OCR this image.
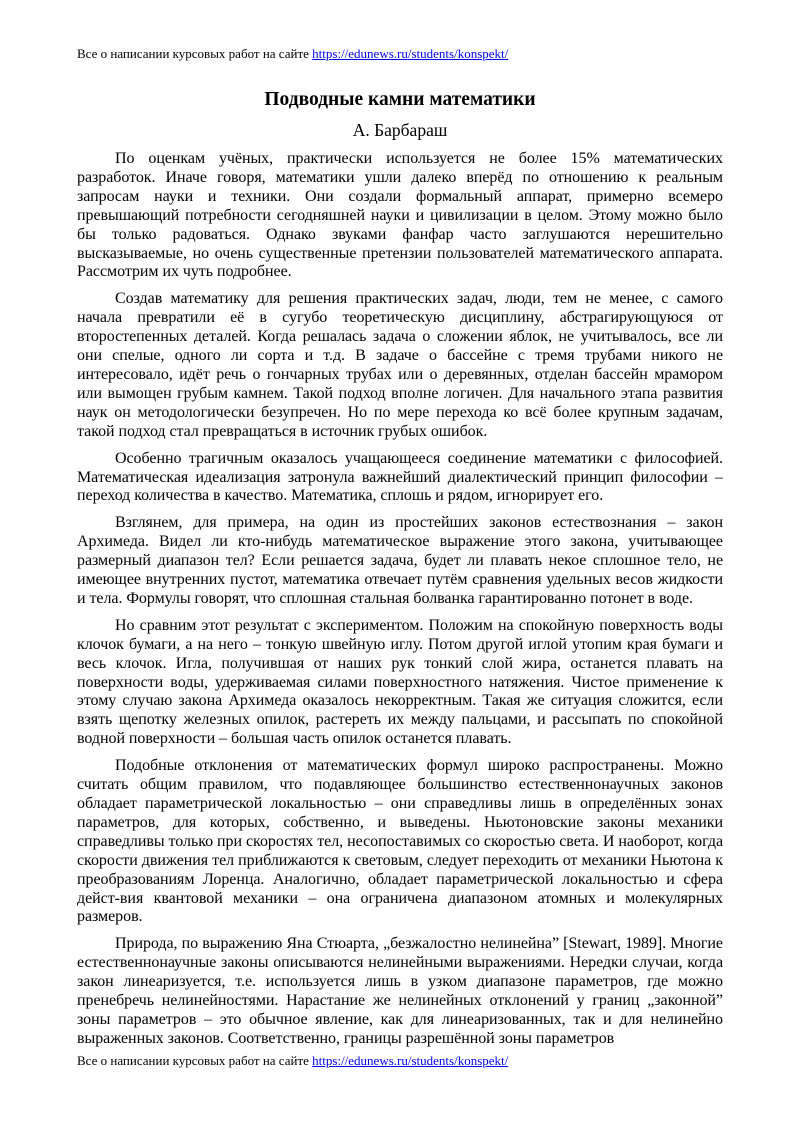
Все о написании курсовых работ на сайте https://edunews.ru/students/konspekt/
Подводные камни математики
А. Барбараш

По оценкам учёных, практически используется не более 15% математических разработок. Иначе говоря, математики ушли далеко вперёд по отношению к реальным запросам науки и техники. Они создали формальный аппарат, примерно всемеро превышающий потребности сегодняшней науки и цивилизации в целом. Этому можно было бы только радоваться. Однако звуками фанфар часто заглушаются нерешительно высказываемые, но очень существенные претензии пользователей математического аппарата. Рассмотрим их чуть подробнее.

Создав математику для решения практических задач, люди, тем не менее, с самого начала превратили её в сугубо теоретическую дисциплину, абстрагирующуюся от второстепенных деталей. Когда решалась задача о сложении яблок, не учитывалось, все ли они спелые, одного ли сорта и т.д. В задаче о бассейне с тремя трубами никого не интересовало, идёт речь о гончарных трубах или о деревянных, отделан бассейн мрамором или вымощен грубым камнем. Такой подход вполне логичен. Для начального этапа развития наук он методологически безупречен. Но по мере перехода ко всё более крупным задачам, такой подход стал превращаться в источник грубых ошибок.

Особенно трагичным оказалось учащающееся соединение математики с философией. Математическая идеализация затронула важнейший диалектический принцип философии – переход количества в качество. Математика, сплошь и рядом, игнорирует его.

Взглянем, для примера, на один из простейших законов естествознания – закон Архимеда. Видел ли кто-нибудь математическое выражение этого закона, учитывающее размерный диапазон тел? Если решается задача, будет ли плавать некое сплошное тело, не имеющее внутренних пустот, математика отвечает путём сравнения удельных весов жидкости и тела. Формулы говорят, что сплошная стальная болванка гарантированно потонет в воде.

Но сравним этот результат с экспериментом. Положим на спокойную поверхность воды клочок бумаги, а на него – тонкую швейную иглу. Потом другой иглой утопим края бумаги и весь клочок. Игла, получившая от наших рук тонкий слой жира, останется плавать на поверхности воды, удерживаемая силами поверхностного натяжения. Чистое применение к этому случаю закона Архимеда оказалось некорректным. Такая же ситуация сложится, если взять щепотку железных опилок, растереть их между пальцами, и рассыпать по спокойной водной поверхности – большая часть опилок останется плавать.

Подобные отклонения от математических формул широко распространены. Можно считать общим правилом, что подавляющее большинство естественнонаучных законов обладает параметрической локальностью – они справедливы лишь в определённых зонах параметров, для которых, собственно, и выведены. Ньютоновские законы механики справедливы только при скоростях тел, несопоставимых со скоростью света. И наоборот, когда скорости движения тел приближаются к световым, следует переходить от механики Ньютона к преобразованиям Лоренца. Аналогично, обладает параметрической локальностью и сфера дейст-вия квантовой механики – она ограничена диапазоном атомных и молекулярных размеров.

Природа, по выражению Яна Стюарта, „безжалостно нелинейна” [Stewart, 1989]. Многие естественнонаучные законы описываются нелинейными выражениями. Нередки случаи, когда закон линеаризуется, т.е. используется лишь в узком диапазоне параметров, где можно пренебречь нелинейностями. Нарастание же нелинейных отклонений у границ „законной” зоны параметров – это обычное явление, как для линеаризованных, так и для нелинейно выраженных законов. Соответственно, границы разрешённой зоны параметров

Все о написании курсовых работ на сайте https://edunews.ru/students/konspekt/
